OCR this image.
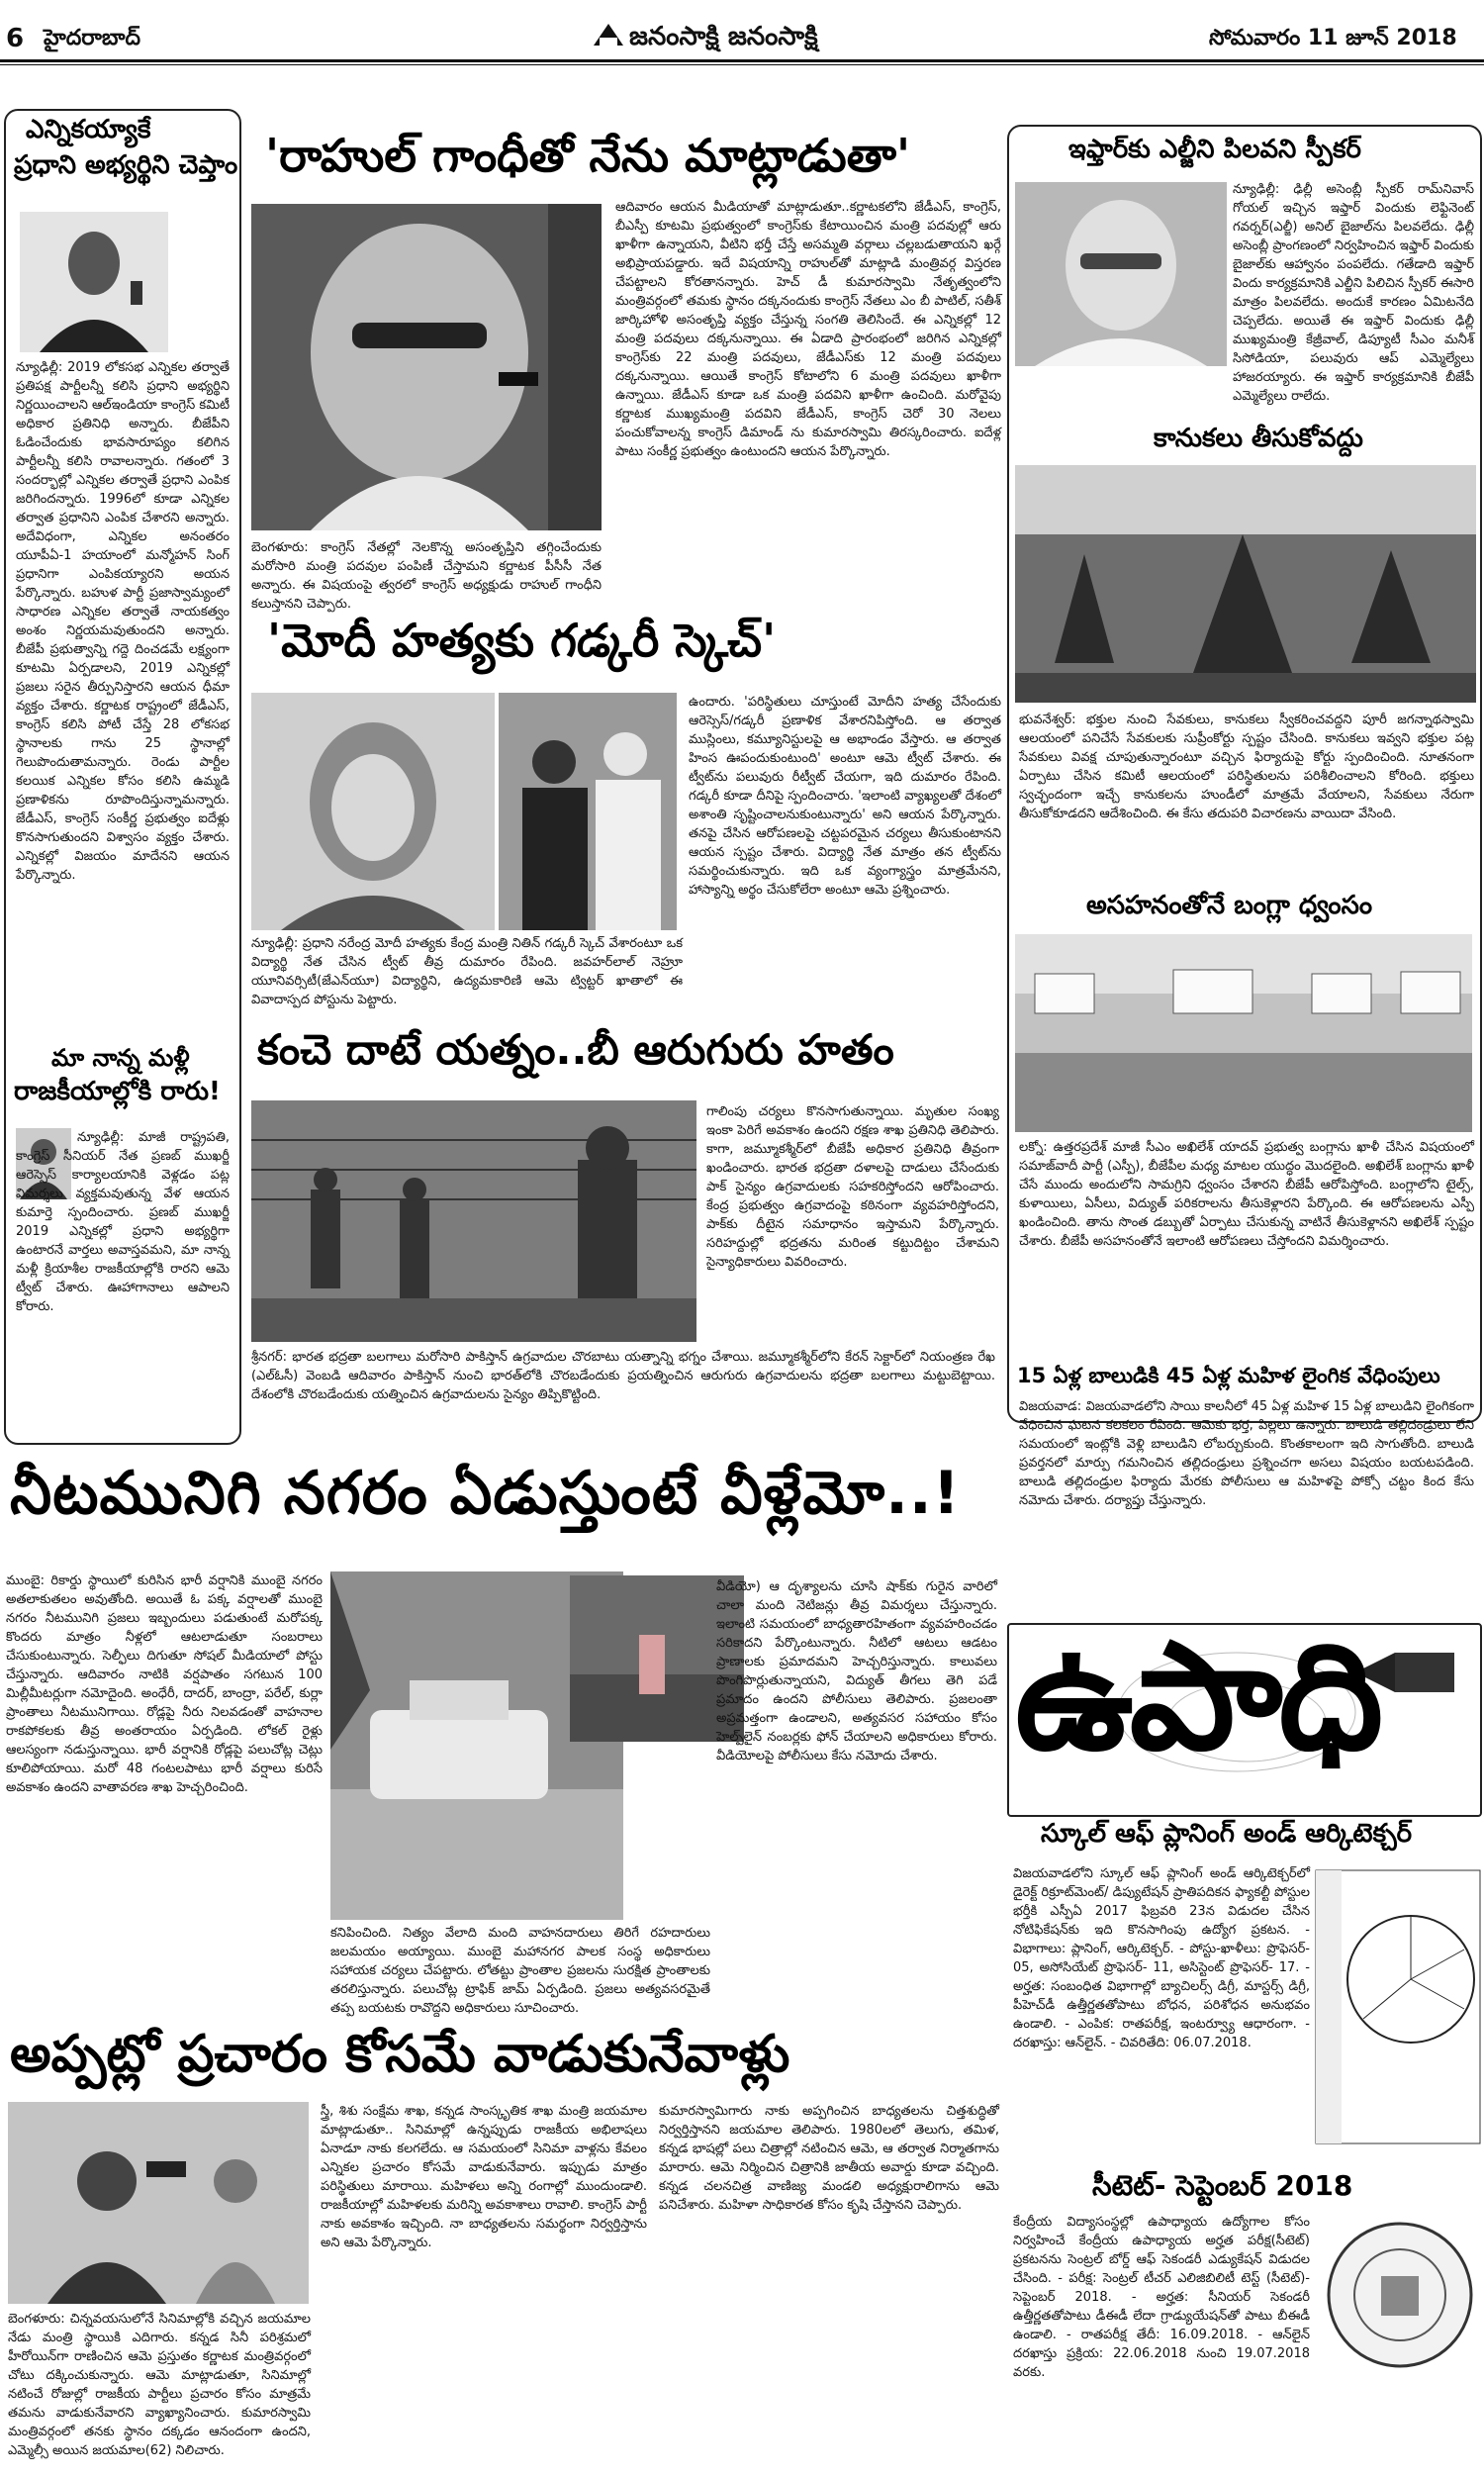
6 హైదరాబాద్	జనంసాక్షి జనంసాక్షి	సోమవారం 11 జూన్ 2018
ఎన్నికయ్యాకే
ప్రధాని అభ్యర్థిని చెప్తాం
న్యూఢిల్లీ: 2019 లోకసభ ఎన్నికల తర్వాతే ప్రతిపక్ష పార్టీలన్నీ కలిసి ప్రధాని అభ్యర్థిని నిర్ణయించాలని ఆల్‌ఇండియా కాంగ్రెస్ కమిటీ అధికార ప్రతినిధి అన్నారు. బీజేపీని ఓడించేందుకు భావసారూప్యం కలిగిన పార్టీలన్నీ కలిసి రావాలన్నారు. గతంలో 3 సందర్భాల్లో ఎన్నికల తర్వాతే ప్రధాని ఎంపిక జరిగిందన్నారు. 1996లో కూడా ఎన్నికల తర్వాత ప్రధానిని ఎంపిక చేశారని అన్నారు. అదేవిధంగా, ఎన్నికల అనంతరం యూపీఏ-1 హయాంలో మన్మోహన్ సింగ్ ప్రధానిగా ఎంపికయ్యారని అయన పేర్కొన్నారు. బహుళ పార్టీ ప్రజాస్వామ్యంలో సాధారణ ఎన్నికల తర్వాతే నాయకత్వం అంశం నిర్ణయమవుతుందని అన్నారు. బీజేపీ ప్రభుత్వాన్ని గద్దె దించడమే లక్ష్యంగా కూటమి ఏర్పడాలని, 2019 ఎన్నికల్లో ప్రజలు సరైన తీర్పునిస్తారని ఆయన ధీమా వ్యక్తం చేశారు. కర్ణాటక రాష్ట్రంలో జేడీఎస్, కాంగ్రెస్ కలిసి పోటీ చేస్తే 28 లోకసభ స్థానాలకు గాను 25 స్థానాల్లో గెలుపొందుతామన్నారు. రెండు పార్టీల కలయిక ఎన్నికల కోసం కలిసి ఉమ్మడి ప్రణాళికను రూపొందిస్తున్నామన్నారు. జేడీఎస్, కాంగ్రెస్ సంకీర్ణ ప్రభుత్వం ఐదేళ్లు కొనసాగుతుందని విశ్వాసం వ్యక్తం చేశారు. ఎన్నికల్లో విజయం మాదేనని ఆయన పేర్కొన్నారు.
మా నాన్న మళ్లీ
రాజకీయాల్లోకి రారు!
న్యూఢిల్లీ: మాజీ రాష్ట్రపతి, కాంగ్రెస్ సీనియర్ నేత ప్రణబ్ ముఖర్జీ ఆరెస్సెస్ కార్యాలయానికి వెళ్లడం పట్ల విమర్శలు వ్యక్తమవుతున్న వేళ ఆయన కుమార్తె స్పందించారు. ప్రణబ్ ముఖర్జీ 2019 ఎన్నికల్లో ప్రధాని అభ్యర్థిగా ఉంటారనే వార్తలు అవాస్తవమని, మా నాన్న మళ్లీ క్రియాశీల రాజకీయాల్లోకి రారని ఆమె ట్వీట్ చేశారు. ఊహాగానాలు ఆపాలని కోరారు.
'రాహుల్ గాంధీతో నేను మాట్లాడుతా'
బెంగళూరు: కాంగ్రెస్ నేతల్లో నెలకొన్న అసంతృప్తిని తగ్గించేందుకు మరోసారి మంత్రి పదవుల పంపిణీ చేస్తామని కర్ణాటక పీసీసీ నేత అన్నారు. ఈ విషయంపై త్వరలో కాంగ్రెస్ అధ్యక్షుడు రాహుల్ గాంధీని కలుస్తానని చెప్పారు.
ఆదివారం ఆయన మీడియాతో మాట్లాడుతూ..కర్ణాటకలోని జేడీఎస్, కాంగ్రెస్, బీఎస్పీ కూటమి ప్రభుత్వంలో కాంగ్రెస్‌కు కేటాయించిన మంత్రి పదవుల్లో ఆరు ఖాళీగా ఉన్నాయని, వీటిని భర్తీ చేస్తే అసమ్మతి వర్గాలు చల్లబడుతాయని ఖర్గే అభిప్రాయపడ్డారు. ఇదే విషయాన్ని రాహుల్‌తో మాట్లాడి మంత్రివర్గ విస్తరణ చేపట్టాలని కోరతానన్నారు. హెచ్ డీ కుమారస్వామి నేతృత్వంలోని మంత్రివర్గంలో తమకు స్థానం దక్కనందుకు కాంగ్రెస్ నేతలు ఎం బీ పాటిల్, సతీశ్ జార్కిహోళి అసంతృప్తి వ్యక్తం చేస్తున్న సంగతి తెలిసిందే. ఈ ఎన్నికల్లో 12 మంత్రి పదవులు దక్కనున్నాయి. ఈ ఏడాది ప్రారంభంలో జరిగిన ఎన్నికల్లో కాంగ్రెస్‌కు 22 మంత్రి పదవులు, జేడీఎస్‌కు 12 మంత్రి పదవులు దక్కనున్నాయి. ఆయితే కాంగ్రెస్ కోటాలోని 6 మంత్రి పదవులు ఖాళీగా ఉన్నాయి. జేడీఎస్ కూడా ఒక మంత్రి పదవిని ఖాళీగా ఉంచింది. మరోవైపు కర్ణాటక ముఖ్యమంత్రి పదవిని జేడీఎస్, కాంగ్రెస్ చెరో 30 నెలలు పంచుకోవాలన్న కాంగ్రెస్ డిమాండ్ ను కుమారస్వామి తిరస్కరించారు. ఐదేళ్ల పాటు సంకీర్ణ ప్రభుత్వం ఉంటుందని ఆయన పేర్కొన్నారు.
'మోదీ హత్యకు గడ్కరీ స్కెచ్'
న్యూఢిల్లీ: ప్రధాని నరేంద్ర మోదీ హత్యకు కేంద్ర మంత్రి నితిన్ గడ్కరీ స్కెచ్ వేశారంటూ ఒక విద్యార్థి నేత చేసిన ట్వీట్ తీవ్ర దుమారం రేపింది. జవహర్‌లాల్ నెహ్రూ యూనివర్సిటీ(జేఎన్‌యూ) విద్యార్థిని, ఉద్యమకారిణి ఆమె ట్విట్టర్ ఖాతాలో ఈ వివాదాస్పద పోస్టును పెట్టారు.
ఉందారు. 'పరిస్థితులు చూస్తుంటే మోదీని హత్య చేసేందుకు ఆరెస్సెస్/గడ్కరీ ప్రణాళిక వేశారనిపిస్తోంది. ఆ తర్వాత ముస్లింలు, కమ్యూనిస్టులపై ఆ అభాండం వేస్తారు. ఆ తర్వాత హింస ఊపందుకుంటుంది' అంటూ ఆమె ట్వీట్ చేశారు. ఈ ట్వీట్‌ను పలువురు రీట్వీట్ చేయగా, ఇది దుమారం రేపింది. గడ్కరీ కూడా దీనిపై స్పందించారు. 'ఇలాంటి వ్యాఖ్యలతో దేశంలో అశాంతి సృష్టించాలనుకుంటున్నారు' అని ఆయన పేర్కొన్నారు. తనపై చేసిన ఆరోపణలపై చట్టపరమైన చర్యలు తీసుకుంటానని ఆయన స్పష్టం చేశారు. విద్యార్థి నేత మాత్రం తన ట్వీట్‌ను సమర్థించుకున్నారు. ఇది ఒక వ్యంగ్యాస్త్రం మాత్రమేనని, హాస్యాన్ని అర్థం చేసుకోలేరా అంటూ ఆమె ప్రశ్నించారు.
కంచె దాటే యత్నం..బీ ఆరుగురు హతం
శ్రీనగర్: భారత భద్రతా బలగాలు మరోసారి పాకిస్తాన్ ఉగ్రవాదుల చొరబాటు యత్నాన్ని భగ్నం చేశాయి. జమ్మూకశ్మీర్‌లోని కేరన్ సెక్టార్‌లో నియంత్రణ రేఖ (ఎల్‌ఓసీ) వెంబడి ఆదివారం పాకిస్తాన్ నుంచి భారత్‌లోకి చొరబడేందుకు ప్రయత్నించిన ఆరుగురు ఉగ్రవాదులను భద్రతా బలగాలు మట్టుబెట్టాయి. దేశంలోకి చొరబడేందుకు యత్నించిన ఉగ్రవాదులను సైన్యం తిప్పికొట్టింది.
గాలింపు చర్యలు కొనసాగుతున్నాయి. మృతుల సంఖ్య ఇంకా పెరిగే అవకాశం ఉందని రక్షణ శాఖ ప్రతినిధి తెలిపారు. కాగా, జమ్మూకశ్మీర్‌లో బీజేపీ అధికార ప్రతినిధి తీవ్రంగా ఖండించారు. భారత భద్రతా దళాలపై దాడులు చేసేందుకు పాక్ సైన్యం ఉగ్రవాదులకు సహకరిస్తోందని ఆరోపించారు. కేంద్ర ప్రభుత్వం ఉగ్రవాదంపై కఠినంగా వ్యవహరిస్తోందని, పాక్‌కు దీటైన సమాధానం ఇస్తామని పేర్కొన్నారు. సరిహద్దుల్లో భద్రతను మరింత కట్టుదిట్టం చేశామని సైన్యాధికారులు వివరించారు.
ఇఫ్తార్‌కు ఎల్జీని పిలవని స్పీకర్
న్యూఢిల్లీ: ఢిల్లీ అసెంబ్లీ స్పీకర్ రామ్‌నివాస్ గోయల్ ఇచ్చిన ఇఫ్తార్ విందుకు లెఫ్టినెంట్ గవర్నర్(ఎల్జీ) అనిల్ బైజాల్‌ను పిలవలేదు. ఢిల్లీ అసెంబ్లీ ప్రాంగణంలో నిర్వహించిన ఇఫ్తార్ విందుకు బైజాల్‌కు ఆహ్వానం పంపలేదు. గతేడాది ఇఫ్తార్ విందు కార్యక్రమానికి ఎల్జీని పిలిచిన స్పీకర్ ఈసారి మాత్రం పిలవలేదు. అందుకే కారణం ఏమిటనేది చెప్పలేదు. అయితే ఈ ఇఫ్తార్ విందుకు ఢిల్లీ ముఖ్యమంత్రి కేజ్రీవాల్, డిప్యూటీ సీఎం మనీశ్ సిసోడియా, పలువురు ఆప్ ఎమ్మెల్యేలు హాజరయ్యారు. ఈ ఇఫ్తార్ కార్యక్రమానికి బీజేపీ ఎమ్మెల్యేలు రాలేదు.
కానుకలు తీసుకోవద్దు
భువనేశ్వర్: భక్తుల నుంచి సేవకులు, కానుకలు స్వీకరించవద్దని పూరీ జగన్నాథస్వామి ఆలయంలో పనిచేసే సేవకులకు సుప్రీంకోర్టు స్పష్టం చేసింది. కానుకలు ఇవ్వని భక్తుల పట్ల సేవకులు వివక్ష చూపుతున్నారంటూ వచ్చిన ఫిర్యాదుపై కోర్టు స్పందించింది. నూతనంగా ఏర్పాటు చేసిన కమిటీ ఆలయంలో పరిస్థితులను పరిశీలించాలని కోరింది. భక్తులు స్వచ్ఛందంగా ఇచ్చే కానుకలను హుండీలో మాత్రమే వేయాలని, సేవకులు నేరుగా తీసుకోకూడదని ఆదేశించింది. ఈ కేసు తదుపరి విచారణను వాయిదా వేసింది.
అసహనంతోనే బంగ్లా ధ్వంసం
లక్నో: ఉత్తరప్రదేశ్ మాజీ సీఎం అఖిలేశ్ యాదవ్ ప్రభుత్వ బంగ్లాను ఖాళీ చేసిన విషయంలో సమాజ్‌వాదీ పార్టీ (ఎస్పీ), బీజేపీల మధ్య మాటల యుద్ధం మొదలైంది. అఖిలేశ్ బంగ్లాను ఖాళీ చేసే ముందు అందులోని సామగ్రిని ధ్వంసం చేశారని బీజేపీ ఆరోపిస్తోంది. బంగ్లాలోని టైల్స్, కుళాయిలు, ఏసీలు, విద్యుత్ పరికరాలను తీసుకెళ్లారని పేర్కొంది. ఈ ఆరోపణలను ఎస్పీ ఖండించింది. తాను సొంత డబ్బుతో ఏర్పాటు చేసుకున్న వాటినే తీసుకెళ్లానని అఖిలేశ్ స్పష్టం చేశారు. బీజేపీ అసహనంతోనే ఇలాంటి ఆరోపణలు చేస్తోందని విమర్శించారు.
15 ఏళ్ల బాలుడికి 45 ఏళ్ల మహిళ లైంగిక వేధింపులు
విజయవాడ: విజయవాడలోని సాయి కాలనీలో 45 ఏళ్ల మహిళ 15 ఏళ్ల బాలుడిని లైంగికంగా వేధించిన ఘటన కలకలం రేపింది. ఆమెకు భర్త, పిల్లలు ఉన్నారు. బాలుడి తల్లిదండ్రులు లేని సమయంలో ఇంట్లోకి వెళ్లి బాలుడిని లోబర్చుకుంది. కొంతకాలంగా ఇది సాగుతోంది. బాలుడి ప్రవర్తనలో మార్పు గమనించిన తల్లిదండ్రులు ప్రశ్నించగా అసలు విషయం బయటపడింది. బాలుడి తల్లిదండ్రుల ఫిర్యాదు మేరకు పోలీసులు ఆ మహిళపై పోక్సో చట్టం కింద కేసు నమోదు చేశారు. దర్యాప్తు చేస్తున్నారు.
ఉపాధి
స్కూల్ ఆఫ్ ప్లానింగ్ అండ్ ఆర్కిటెక్చర్
విజయవాడలోని స్కూల్ ఆఫ్ ప్లానింగ్ అండ్ ఆర్కిటెక్చర్‌లో డైరెక్ట్ రిక్రూట్‌మెంట్/ డిప్యుటేషన్ ప్రాతిపదికన ఫ్యాకల్టీ పోస్టుల భర్తీకి ఎస్పీఏ 2017 ఫిబ్రవరి 23న విడుదల చేసిన నోటిఫికేషన్‌కు ఇది కొనసాగింపు ఉద్యోగ ప్రకటన. - విభాగాలు: ప్లానింగ్, ఆర్కిటెక్చర్. - పోస్టు-ఖాళీలు: ప్రొఫెసర్- 05, అసోసియేట్ ప్రొఫెసర్- 11, అసిస్టెంట్ ప్రొఫెసర్- 17. - అర్హత: సంబంధిత విభాగాల్లో బ్యాచిలర్స్ డిగ్రీ, మాస్టర్స్ డిగ్రీ, పీహెచ్‌డీ ఉత్తీర్ణతతోపాటు బోధన, పరిశోధన అనుభవం ఉండాలి. - ఎంపిక: రాతపరీక్ష, ఇంటర్వ్యూ ఆధారంగా. - దరఖాస్తు: ఆన్‌లైన్. - చివరితేది: 06.07.2018.
సీటెట్- సెప్టెంబర్ 2018
కేంద్రీయ విద్యాసంస్థల్లో ఉపాధ్యాయ ఉద్యోగాల కోసం నిర్వహించే కేంద్రీయ ఉపాధ్యాయ అర్హత పరీక్ష(సీటెట్) ప్రకటనను సెంట్రల్ బోర్డ్ ఆఫ్ సెకండరీ ఎడ్యుకేషన్ విడుదల చేసింది. - పరీక్ష: సెంట్రల్ టీచర్ ఎలిజిబిలిటీ టెస్ట్ (సీటెట్)- సెప్టెంబర్ 2018. - అర్హత: సీనియర్ సెకండరీ ఉత్తీర్ణతతోపాటు డీఈడీ లేదా గ్రాడ్యుయేషన్‌తో పాటు బీఈడీ ఉండాలి. - రాతపరీక్ష తేదీ: 16.09.2018. - ఆన్‌లైన్ దరఖాస్తు ప్రక్రియ: 22.06.2018 నుంచి 19.07.2018 వరకు.
నీటమునిగి నగరం ఏడుస్తుంటే వీళ్లేమో..!
ముంబై: రికార్డు స్థాయిలో కురిసిన భారీ వర్షానికి ముంబై నగరం అతలాకుతలం అవుతోంది. అయితే ఓ పక్క వర్షాలతో ముంబై నగరం నీటమునిగి ప్రజలు ఇబ్బందులు పడుతుంటే మరోపక్క కొందరు మాత్రం నీళ్లలో ఆటలాడుతూ సంబరాలు చేసుకుంటున్నారు. సెల్ఫీలు దిగుతూ సోషల్ మీడియాలో పోస్టు చేస్తున్నారు. ఆదివారం నాటికి వర్షపాతం సగటున 100 మిల్లీమీటర్లుగా నమోదైంది. అంధేరీ, దాదర్, బాంద్రా, పరేల్, కుర్లా ప్రాంతాలు నీటమునిగాయి. రోడ్లపై నీరు నిలవడంతో వాహనాల రాకపోకలకు తీవ్ర అంతరాయం ఏర్పడింది. లోకల్ రైళ్లు ఆలస్యంగా నడుస్తున్నాయి. భారీ వర్షానికి రోడ్లపై పలుచోట్ల చెట్లు కూలిపోయాయి. మరో 48 గంటలపాటు భారీ వర్షాలు కురిసే అవకాశం ఉందని వాతావరణ శాఖ హెచ్చరించింది.
కనిపించింది. నిత్యం వేలాది మంది వాహనదారులు తిరిగే రహదారులు జలమయం అయ్యాయి. ముంబై మహానగర పాలక సంస్థ అధికారులు సహాయక చర్యలు చేపట్టారు. లోతట్టు ప్రాంతాల ప్రజలను సురక్షిత ప్రాంతాలకు తరలిస్తున్నారు. పలుచోట్ల ట్రాఫిక్ జామ్ ఏర్పడింది. ప్రజలు అత్యవసరమైతే తప్ప బయటకు రావొద్దని అధికారులు సూచించారు.
వీడియో) ఆ దృశ్యాలను చూసి షాక్‌కు గురైన వారిలో చాలా మంది నెటిజన్లు తీవ్ర విమర్శలు చేస్తున్నారు. ఇలాంటి సమయంలో బాధ్యతారహితంగా వ్యవహరించడం సరికాదని పేర్కొంటున్నారు. నీటిలో ఆటలు ఆడటం ప్రాణాలకు ప్రమాదమని హెచ్చరిస్తున్నారు. కాలువలు పొంగిపొర్లుతున్నాయని, విద్యుత్ తీగలు తెగి పడే ప్రమాదం ఉందని పోలీసులు తెలిపారు. ప్రజలంతా అప్రమత్తంగా ఉండాలని, అత్యవసర సహాయం కోసం హెల్ప్‌లైన్ నంబర్లకు ఫోన్ చేయాలని అధికారులు కోరారు. వీడియోలపై పోలీసులు కేసు నమోదు చేశారు.
అప్పట్లో ప్రచారం కోసమే వాడుకునేవాళ్లు
బెంగళూరు: చిన్నవయసులోనే సినిమాల్లోకి వచ్చిన జయమాల నేడు మంత్రి స్థాయికి ఎదిగారు. కన్నడ సినీ పరిశ్రమలో హీరోయిన్‌గా రాణించిన ఆమె ప్రస్తుతం కర్ణాటక మంత్రివర్గంలో చోటు దక్కించుకున్నారు. ఆమె మాట్లాడుతూ, సినిమాల్లో నటించే రోజుల్లో రాజకీయ పార్టీలు ప్రచారం కోసం మాత్రమే తమను వాడుకునేవారని వ్యాఖ్యానించారు. కుమారస్వామి మంత్రివర్గంలో తనకు స్థానం దక్కడం ఆనందంగా ఉందని, ఎమ్మెల్సీ అయిన జయమాల(62) నిలిచారు.
స్త్రీ, శిశు సంక్షేమ శాఖ, కన్నడ సాంస్కృతిక శాఖ మంత్రి జయమాల మాట్లాడుతూ.. సినిమాల్లో ఉన్నప్పుడు రాజకీయ అభిలాషలు ఏనాడూ నాకు కలగలేదు. ఆ సమయంలో సినిమా వాళ్లను కేవలం ఎన్నికల ప్రచారం కోసమే వాడుకునేవారు. ఇప్పుడు మాత్రం పరిస్థితులు మారాయి. మహిళలు అన్ని రంగాల్లో ముందుండాలి. రాజకీయాల్లో మహిళలకు మరిన్ని అవకాశాలు రావాలి. కాంగ్రెస్ పార్టీ నాకు అవకాశం ఇచ్చింది. నా బాధ్యతలను సమర్థంగా నిర్వర్తిస్తాను అని ఆమె పేర్కొన్నారు.
కుమారస్వామిగారు నాకు అప్పగించిన బాధ్యతలను చిత్తశుద్ధితో నిర్వర్తిస్తానని జయమాల తెలిపారు. 1980లలో తెలుగు, తమిళ, కన్నడ భాషల్లో పలు చిత్రాల్లో నటించిన ఆమె, ఆ తర్వాత నిర్మాతగాను మారారు. ఆమె నిర్మించిన చిత్రానికి జాతీయ అవార్డు కూడా వచ్చింది. కన్నడ చలనచిత్ర వాణిజ్య మండలి అధ్యక్షురాలిగాను ఆమె పనిచేశారు. మహిళా సాధికారత కోసం కృషి చేస్తానని చెప్పారు.
